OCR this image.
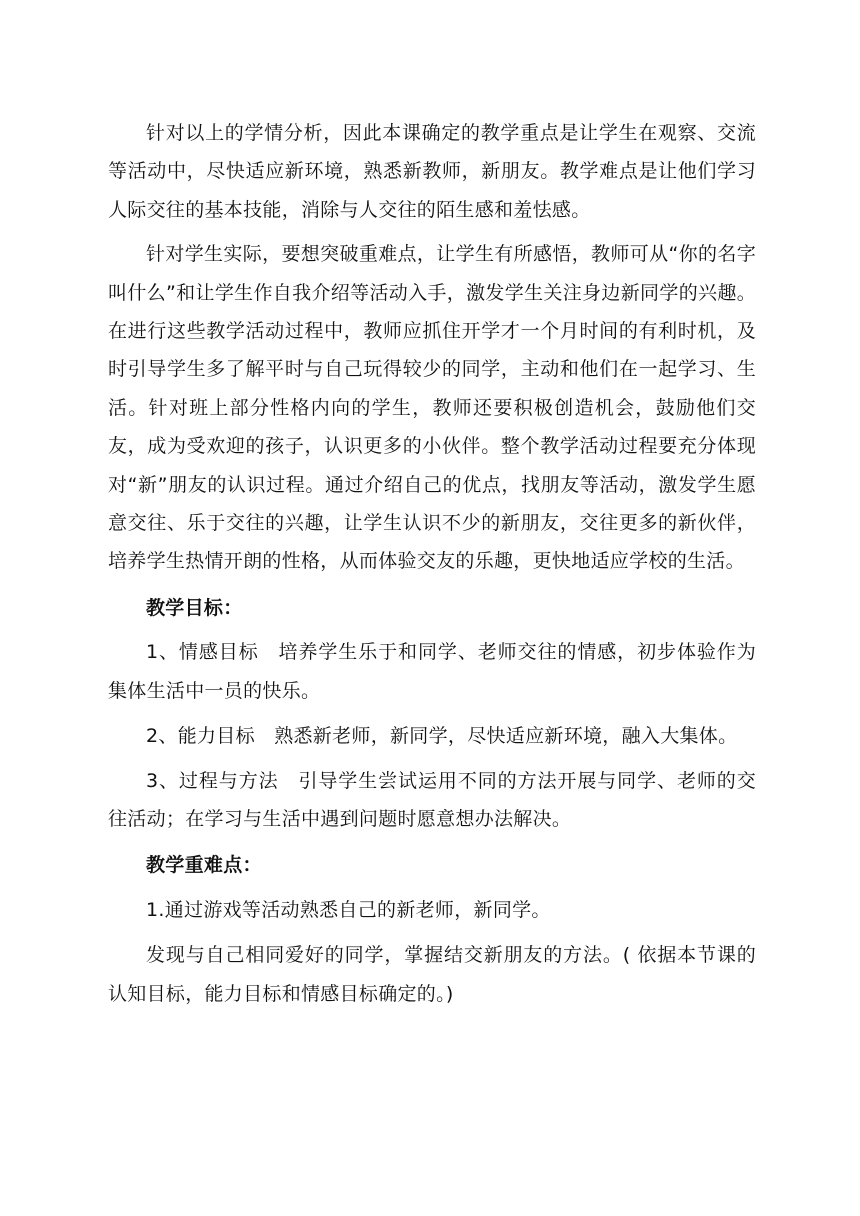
针对以上的学情分析，因此本课确定的教学重点是让学生在观察、交流等活动中，尽快适应新环境，熟悉新教师，新朋友。教学难点是让他们学习人际交往的基本技能，消除与人交往的陌生感和羞怯感。

针对学生实际，要想突破重难点，让学生有所感悟，教师可从“你的名字叫什么”和让学生作自我介绍等活动入手，激发学生关注身边新同学的兴趣。在进行这些教学活动过程中，教师应抓住开学才一个月时间的有利时机，及时引导学生多了解平时与自己玩得较少的同学，主动和他们在一起学习、生活。针对班上部分性格内向的学生，教师还要积极创造机会，鼓励他们交友，成为受欢迎的孩子，认识更多的小伙伴。整个教学活动过程要充分体现对“新”朋友的认识过程。通过介绍自己的优点，找朋友等活动，激发学生愿意交往、乐于交往的兴趣，让学生认识不少的新朋友，交往更多的新伙伴，培养学生热情开朗的性格，从而体验交友的乐趣，更快地适应学校的生活。

教学目标：

1、情感目标　培养学生乐于和同学、老师交往的情感，初步体验作为集体生活中一员的快乐。

2、能力目标　熟悉新老师，新同学，尽快适应新环境，融入大集体。

3、过程与方法　引导学生尝试运用不同的方法开展与同学、老师的交往活动；在学习与生活中遇到问题时愿意想办法解决。

教学重难点：

1.通过游戏等活动熟悉自己的新老师，新同学。

发现与自己相同爱好的同学，掌握结交新朋友的方法。( 依据本节课的认知目标，能力目标和情感目标确定的。)
